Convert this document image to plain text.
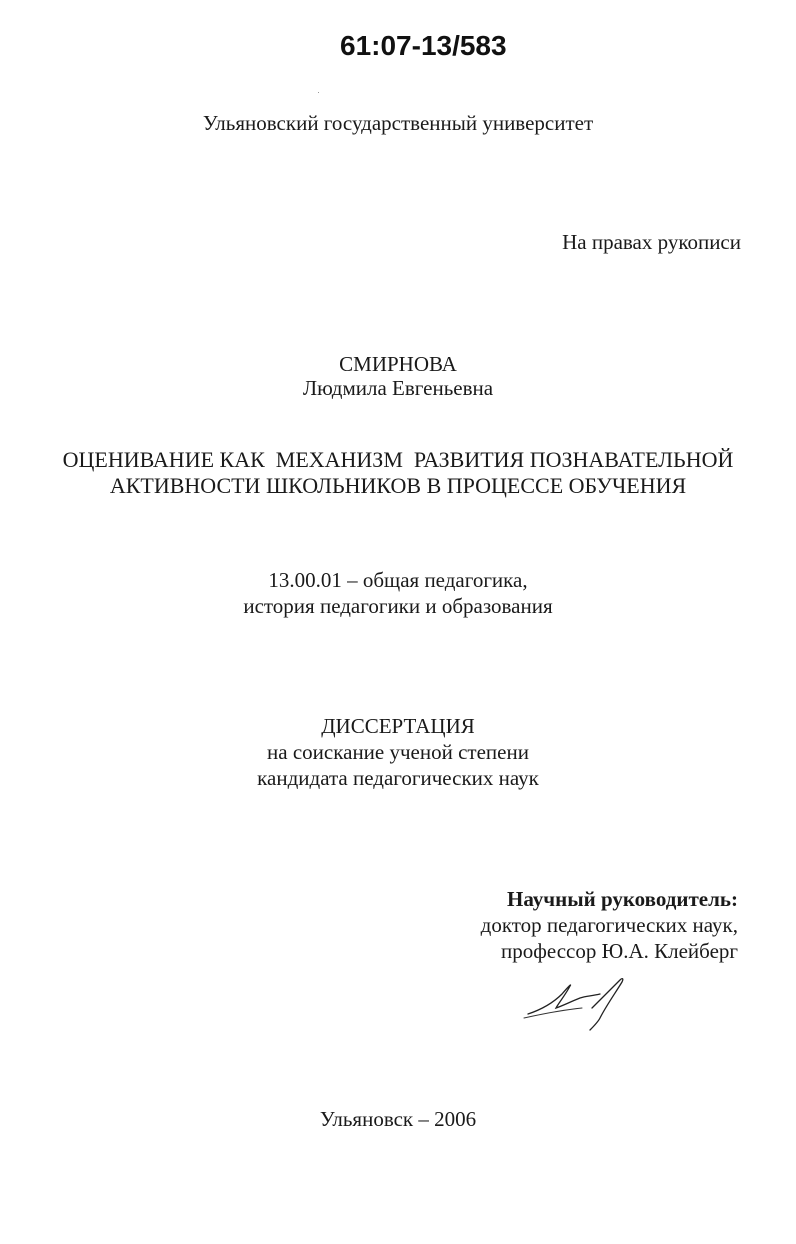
61:07-13/583
Ульяновский государственный университет
На правах рукописи
СМИРНОВА
Людмила Евгеньевна
ОЦЕНИВАНИЕ КАК  МЕХАНИЗМ  РАЗВИТИЯ ПОЗНАВАТЕЛЬНОЙ
АКТИВНОСТИ ШКОЛЬНИКОВ В ПРОЦЕССЕ ОБУЧЕНИЯ
13.00.01 – общая педагогика,
история педагогики и образования
ДИССЕРТАЦИЯ
на соискание ученой степени
кандидата педагогических наук
Научный руководитель:
доктор педагогических наук,
профессор Ю.А. Клейберг
Ульяновск – 2006
